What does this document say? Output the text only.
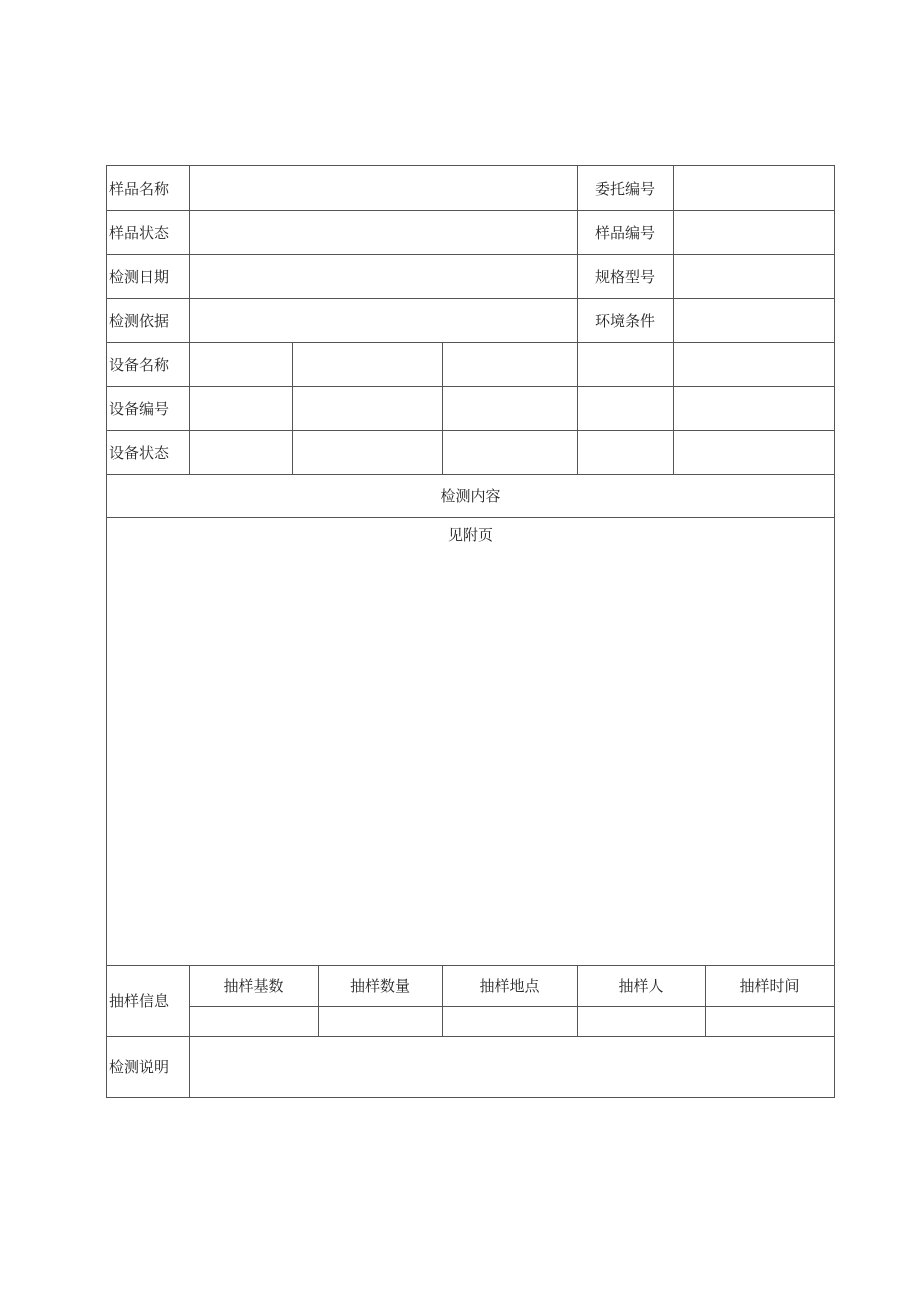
样品名称	委托编号
样品状态	样品编号
检测日期	规格型号
检测依据	环境条件
设备名称
设备编号
设备状态
检测内容
见附页
抽样信息
抽样基数	抽样数量	抽样地点	抽样人	抽样时间
检测说明
